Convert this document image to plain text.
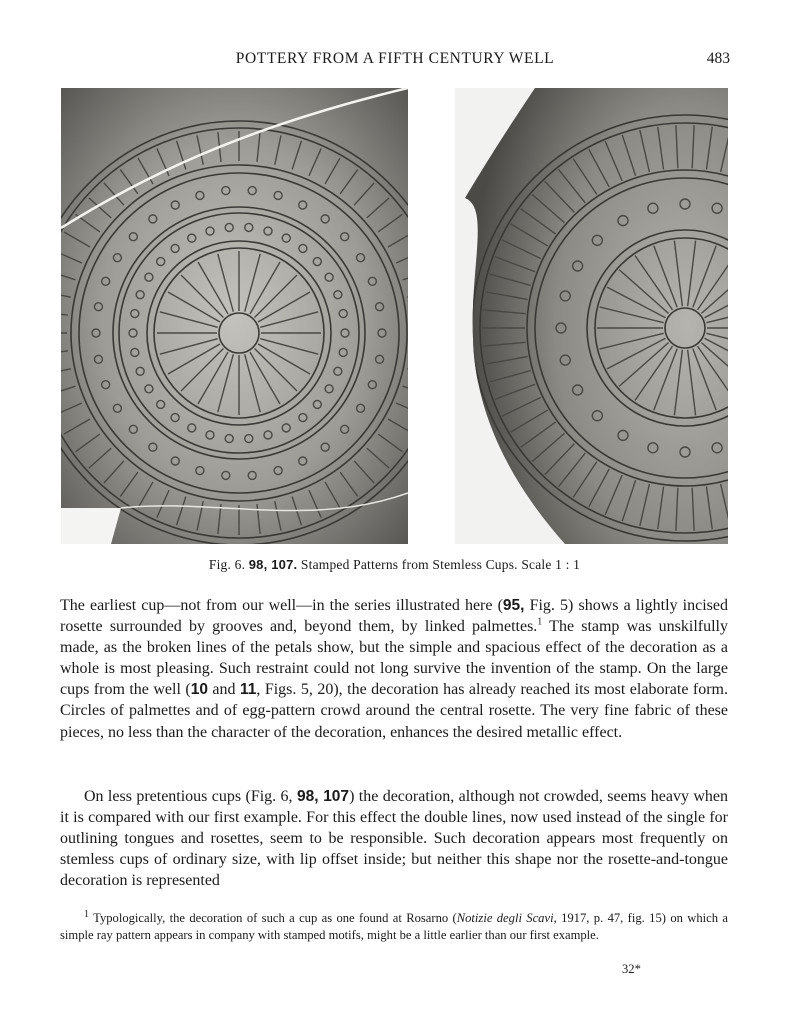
POTTERY FROM A FIFTH CENTURY WELL	483
Fig. 6. 98, 107. Stamped Patterns from Stemless Cups. Scale 1 : 1

The earliest cup—not from our well—in the series illustrated here (95, Fig. 5) shows a lightly incised rosette surrounded by grooves and, beyond them, by linked palmettes.$^1$ The stamp was unskilfully made, as the broken lines of the petals show, but the simple and spacious effect of the decoration as a whole is most pleasing. Such restraint could not long survive the invention of the stamp. On the large cups from the well (10 and 11, Figs. 5, 20), the decoration has already reached its most elaborate form. Circles of palmettes and of egg-pattern crowd around the central rosette. The very fine fabric of these pieces, no less than the character of the decoration, enhances the desired metallic effect.

On less pretentious cups (Fig. 6, 98, 107) the decoration, although not crowded, seems heavy when it is compared with our first example. For this effect the double lines, now used instead of the single for outlining tongues and rosettes, seem to be responsible. Such decoration appears most frequently on stemless cups of ordinary size, with lip offset inside; but neither this shape nor the rosette-and-tongue decoration is represented

$^1$ Typologically, the decoration of such a cup as one found at Rosarno (Notizie degli Scavi, 1917, p. 47, fig. 15) on which a simple ray pattern appears in company with stamped motifs, might be a little earlier than our first example.

32*
